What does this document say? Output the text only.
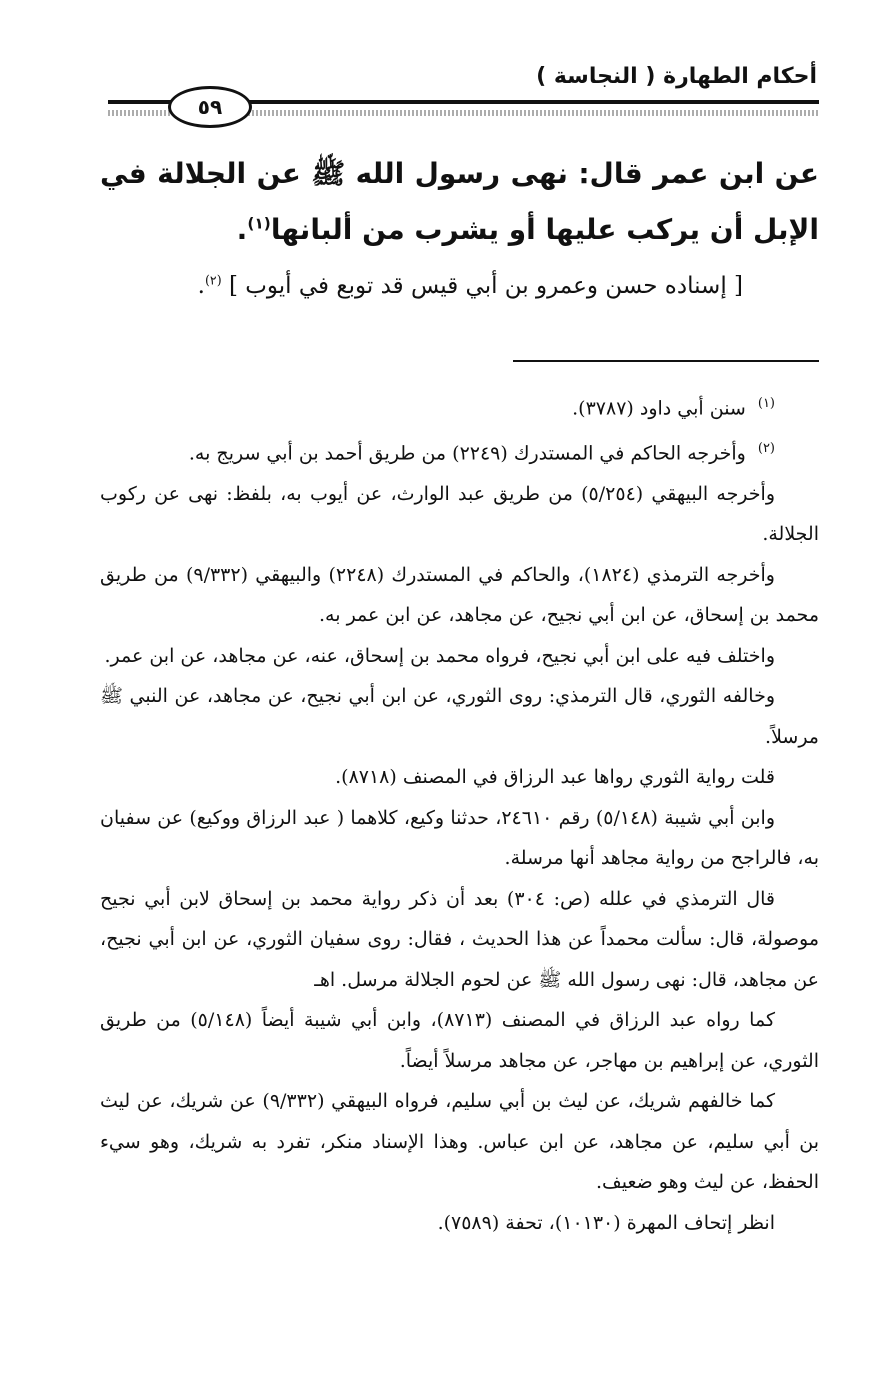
أحكام الطهارة ( النجاسة )
٥٩

عن ابن عمر قال: نهى رسول الله ﷺ عن الجلالة في الإبل أن يركب عليها أو يشرب من ألبانها$^{(١)}$.

[ إسناده حسن وعمرو بن أبي قيس قد توبع في أيوب ] $^{(٢)}$.

$^{(١)}$سنن أبي داود (٣٧٨٧).

$^{(٢)}$وأخرجه الحاكم في المستدرك (٢٢٤٩) من طريق أحمد بن أبي سريج به.

وأخرجه البيهقي (٥/٢٥٤) من طريق عبد الوارث، عن أيوب به، بلفظ: نهى عن ركوب الجلالة.

وأخرجه الترمذي (١٨٢٤)، والحاكم في المستدرك (٢٢٤٨) والبيهقي (٩/٣٣٢) من طريق محمد بن إسحاق، عن ابن أبي نجيح، عن مجاهد، عن ابن عمر به.

واختلف فيه على ابن أبي نجيح، فرواه محمد بن إسحاق، عنه، عن مجاهد، عن ابن عمر.

وخالفه الثوري، قال الترمذي: روى الثوري، عن ابن أبي نجيح، عن مجاهد، عن النبي ﷺ مرسلاً.

قلت رواية الثوري رواها عبد الرزاق في المصنف (٨٧١٨).

وابن أبي شيبة (٥/١٤٨) رقم ٢٤٦١٠، حدثنا وكيع، كلاهما ( عبد الرزاق ووكيع) عن سفيان به، فالراجح من رواية مجاهد أنها مرسلة.

قال الترمذي في علله (ص: ٣٠٤) بعد أن ذكر رواية محمد بن إسحاق لابن أبي نجيح موصولة، قال: سألت محمداً عن هذا الحديث ، فقال: روى سفيان الثوري، عن ابن أبي نجيح، عن مجاهد، قال: نهى رسول الله ﷺ عن لحوم الجلالة مرسل. اهـ

كما رواه عبد الرزاق في المصنف (٨٧١٣)، وابن أبي شيبة أيضاً (٥/١٤٨) من طريق الثوري، عن إبراهيم بن مهاجر، عن مجاهد مرسلاً أيضاً.

كما خالفهم شريك، عن ليث بن أبي سليم، فرواه البيهقي (٩/٣٣٢) عن شريك، عن ليث بن أبي سليم، عن مجاهد، عن ابن عباس. وهذا الإسناد منكر، تفرد به شريك، وهو سيء الحفظ، عن ليث وهو ضعيف.

انظر إتحاف المهرة (١٠١٣٠)، تحفة (٧٥٨٩).
